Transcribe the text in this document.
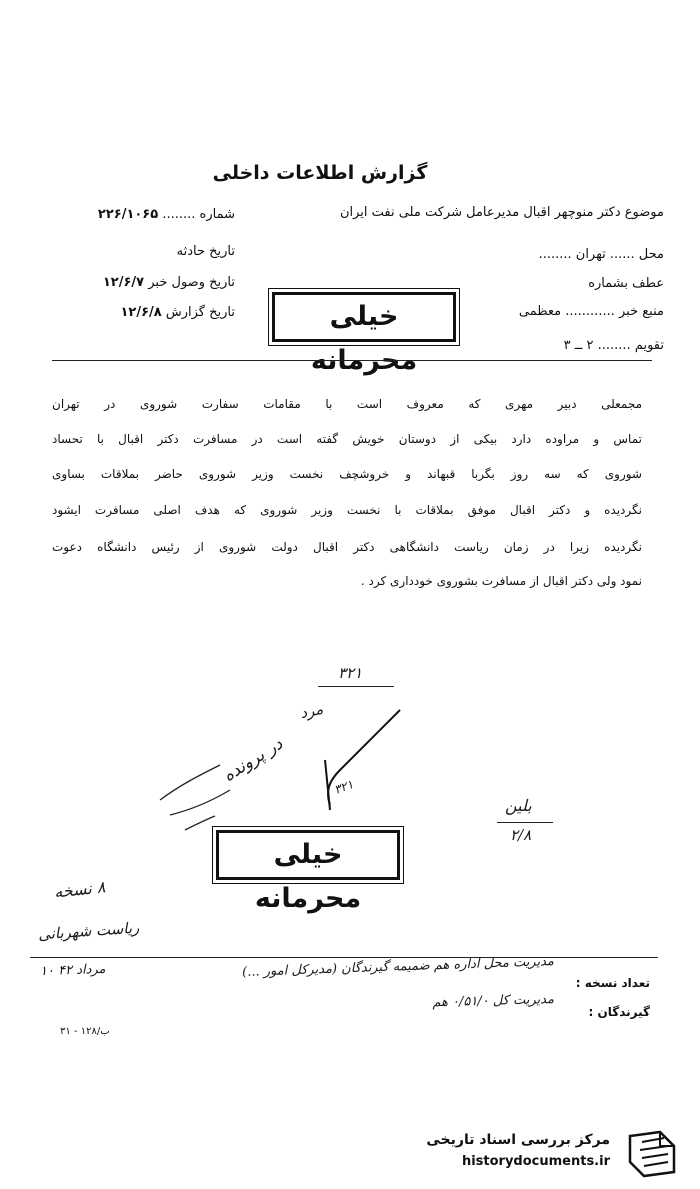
گزارش اطلاعات داخلی
موضوع دکتر منوچهر اقبال مدیرعامل شرکت ملی نفت ایران
محل ...... تهران ........
عطف بشماره
منبع خبر ............ معظمی
تقویم ........ ۲ ــ ۳
شماره ........ ۲۲۶/۱۰۶۵
تاریخ حادثه
تاریخ وصول خبر ۱۲/۶/۷
تاریخ گزارش ۱۲/۶/۸	خیلی محرمانه
مجمعلی دبیر مهری که معروف است با مقامات سفارت شوروی در تهران
تماس و مراوده دارد بیکی از دوستان خویش گفته است در مسافرت دکتر اقبال با تحساد
شوروی که سه روز بگربا قبهاند و خروشچف نخست وزیر شوروی حاضر بملاقات بساوی
نگردیده و دکتر اقبال موفق بملاقات با نخست وزیر شوروی که هدف اصلی مسافرت ایشود
نگردیده زیرا در زمان ریاست دانشگاهی دکتر اقبال دولت شوروی از رئیس دانشگاه دعوت
نمود ولی دکتر اقبال از مسافرت بشوروی خودداری کرد .
۳۲۱
مرد
در پرونده
۳۲۱
بلین
۲/۸
خیلی محرمانه
۸ نسخه
ریاست شهربانی
تعداد نسخه :
مدیریت محل اداره هم ضمیمه گیرندگان (مدیرکل امور ...)
۱۰ مرداد ۴۲
گیرندگان :
مدیریت کل ۰/۵۱/۰ هم
۳۱ - ۱۲۸/ب
مرکز بررسی اسناد تاریخی
historydocuments.ir
